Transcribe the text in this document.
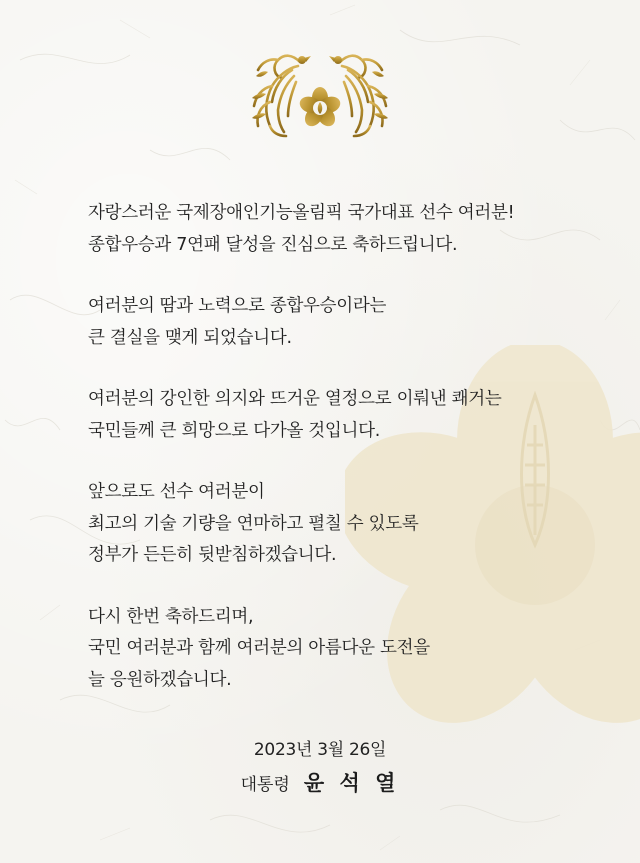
자랑스러운 국제장애인기능올림픽 국가대표 선수 여러분!
종합우승과 7연패 달성을 진심으로 축하드립니다.

여러분의 땀과 노력으로 종합우승이라는
큰 결실을 맺게 되었습니다.

여러분의 강인한 의지와 뜨거운 열정으로 이뤄낸 쾌거는
국민들께 큰 희망으로 다가올 것입니다.

앞으로도 선수 여러분이
최고의 기술 기량을 연마하고 펼칠 수 있도록
정부가 든든히 뒷받침하겠습니다.

다시 한번 축하드리며,
국민 여러분과 함께 여러분의 아름다운 도전을
늘 응원하겠습니다.

2023년 3월 26일
대통령 윤 석 열
